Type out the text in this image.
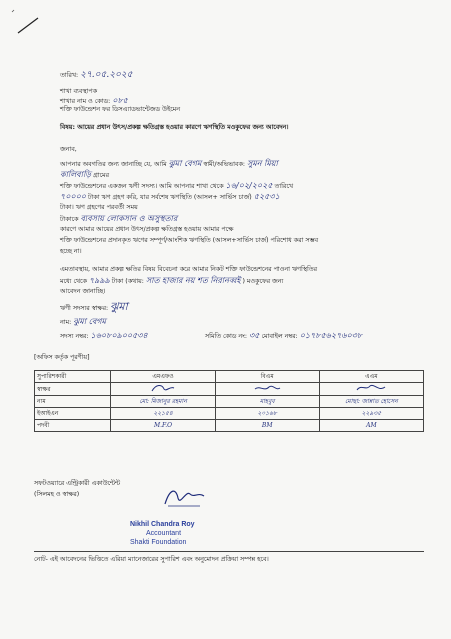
তারিখ: ২৭.০৫.২০২৫
শাখা ব্যবস্থাপক
শাখার নাম ও কোড: ০৮৫
শক্তি ফাউন্ডেশন ফর ডিসএ্যাডভান্টেজড উইমেন
বিষয়: আয়ের প্রধান উৎস/প্রকল্প ক্ষতিগ্রস্ত হওয়ার কারণে ঋণস্থিতি মওকুফের জন্য আবেদন।
জনাব,
আপনার অবগতির জন্য জানাচ্ছি যে, আমি ঝুমা বেগম স্বামী/অভিভাবক: সুমন মিয়া
কালিবাড়ি গ্রামের
শক্তি ফাউন্ডেশনের একজন ঋণী সদস্য। আমি আপনার শাখা থেকে ১৬/০২/২০২৫ তারিখে
৭০০০০ টাকা ঋণ গ্রহণ করি, যার সর্বশেষ ঋণস্থিতি (আসল+ সার্ভিস চার্জ) ৫২৫৩১
টাকা। ঋণ গ্রহণের পরবর্তী সময়
টাকাকে ব্যবসায় লোকসান ও অসুস্থতার
কারণে আমার আয়ের প্রধান উৎস/প্রকল্প ক্ষতিগ্রস্ত হওয়ায় আমার পক্ষে
শক্তি ফাউন্ডেশনের প্রদানকৃত ঋণের সম্পূর্ণ/আংশিক ঋণস্থিতি (আসল+সার্ভিস চার্জ) পরিশোধ করা সম্ভব
হচ্ছে না।
এমতাবস্থায়, আমার প্রকল্প ক্ষতির বিষয় বিবেচনা করে আমার নিকট শক্তি ফাউন্ডেশনের পাওনা ঋণস্থিতির
মধ্যে থেকে ৭৯৯৯ টাকা (কথায়: সাত হাজার নয় শত নিরানব্বই ) মওকুফের জন্য
আবেদন জানাচ্ছি।
ঋণী সদস্যর স্বাক্ষর: ঝুমা
নাম: ঝুমা বেগম
সদস্য নম্বর: ১৬০৮০৯০০৫৩৪	সমিতি কোড নং: ৩৫ মোবাইল নম্বর: ০১৭৮৫৬২৭৬০৩৮
[অফিস কর্তৃক পূরণীয়]
সুপারিশকারী	এমএফও	বিএম	এএম
স্বাক্ষর			
নাম	মো: মিজানুর রহমান	মাহবুব	মোছা: জান্নাত হোসেন
ইআইএন	২২১৫৪	২০১৬৮	২২৯৩৫
পদবী	M.F.O	BM	AM
সফটওয়্যারে এন্ট্রিকারী একাউন্টেন্ট
(সিলমহ ও স্বাক্ষর)
Nikhil Chandra Roy
Accountant
Shakti Foundation
নোট- এই আবেদনের ভিত্তিতে এরিয়া ম্যানেজারের সুপারিশ এবং অনুমোদন প্রক্রিয়া সম্পন্ন হবে।
